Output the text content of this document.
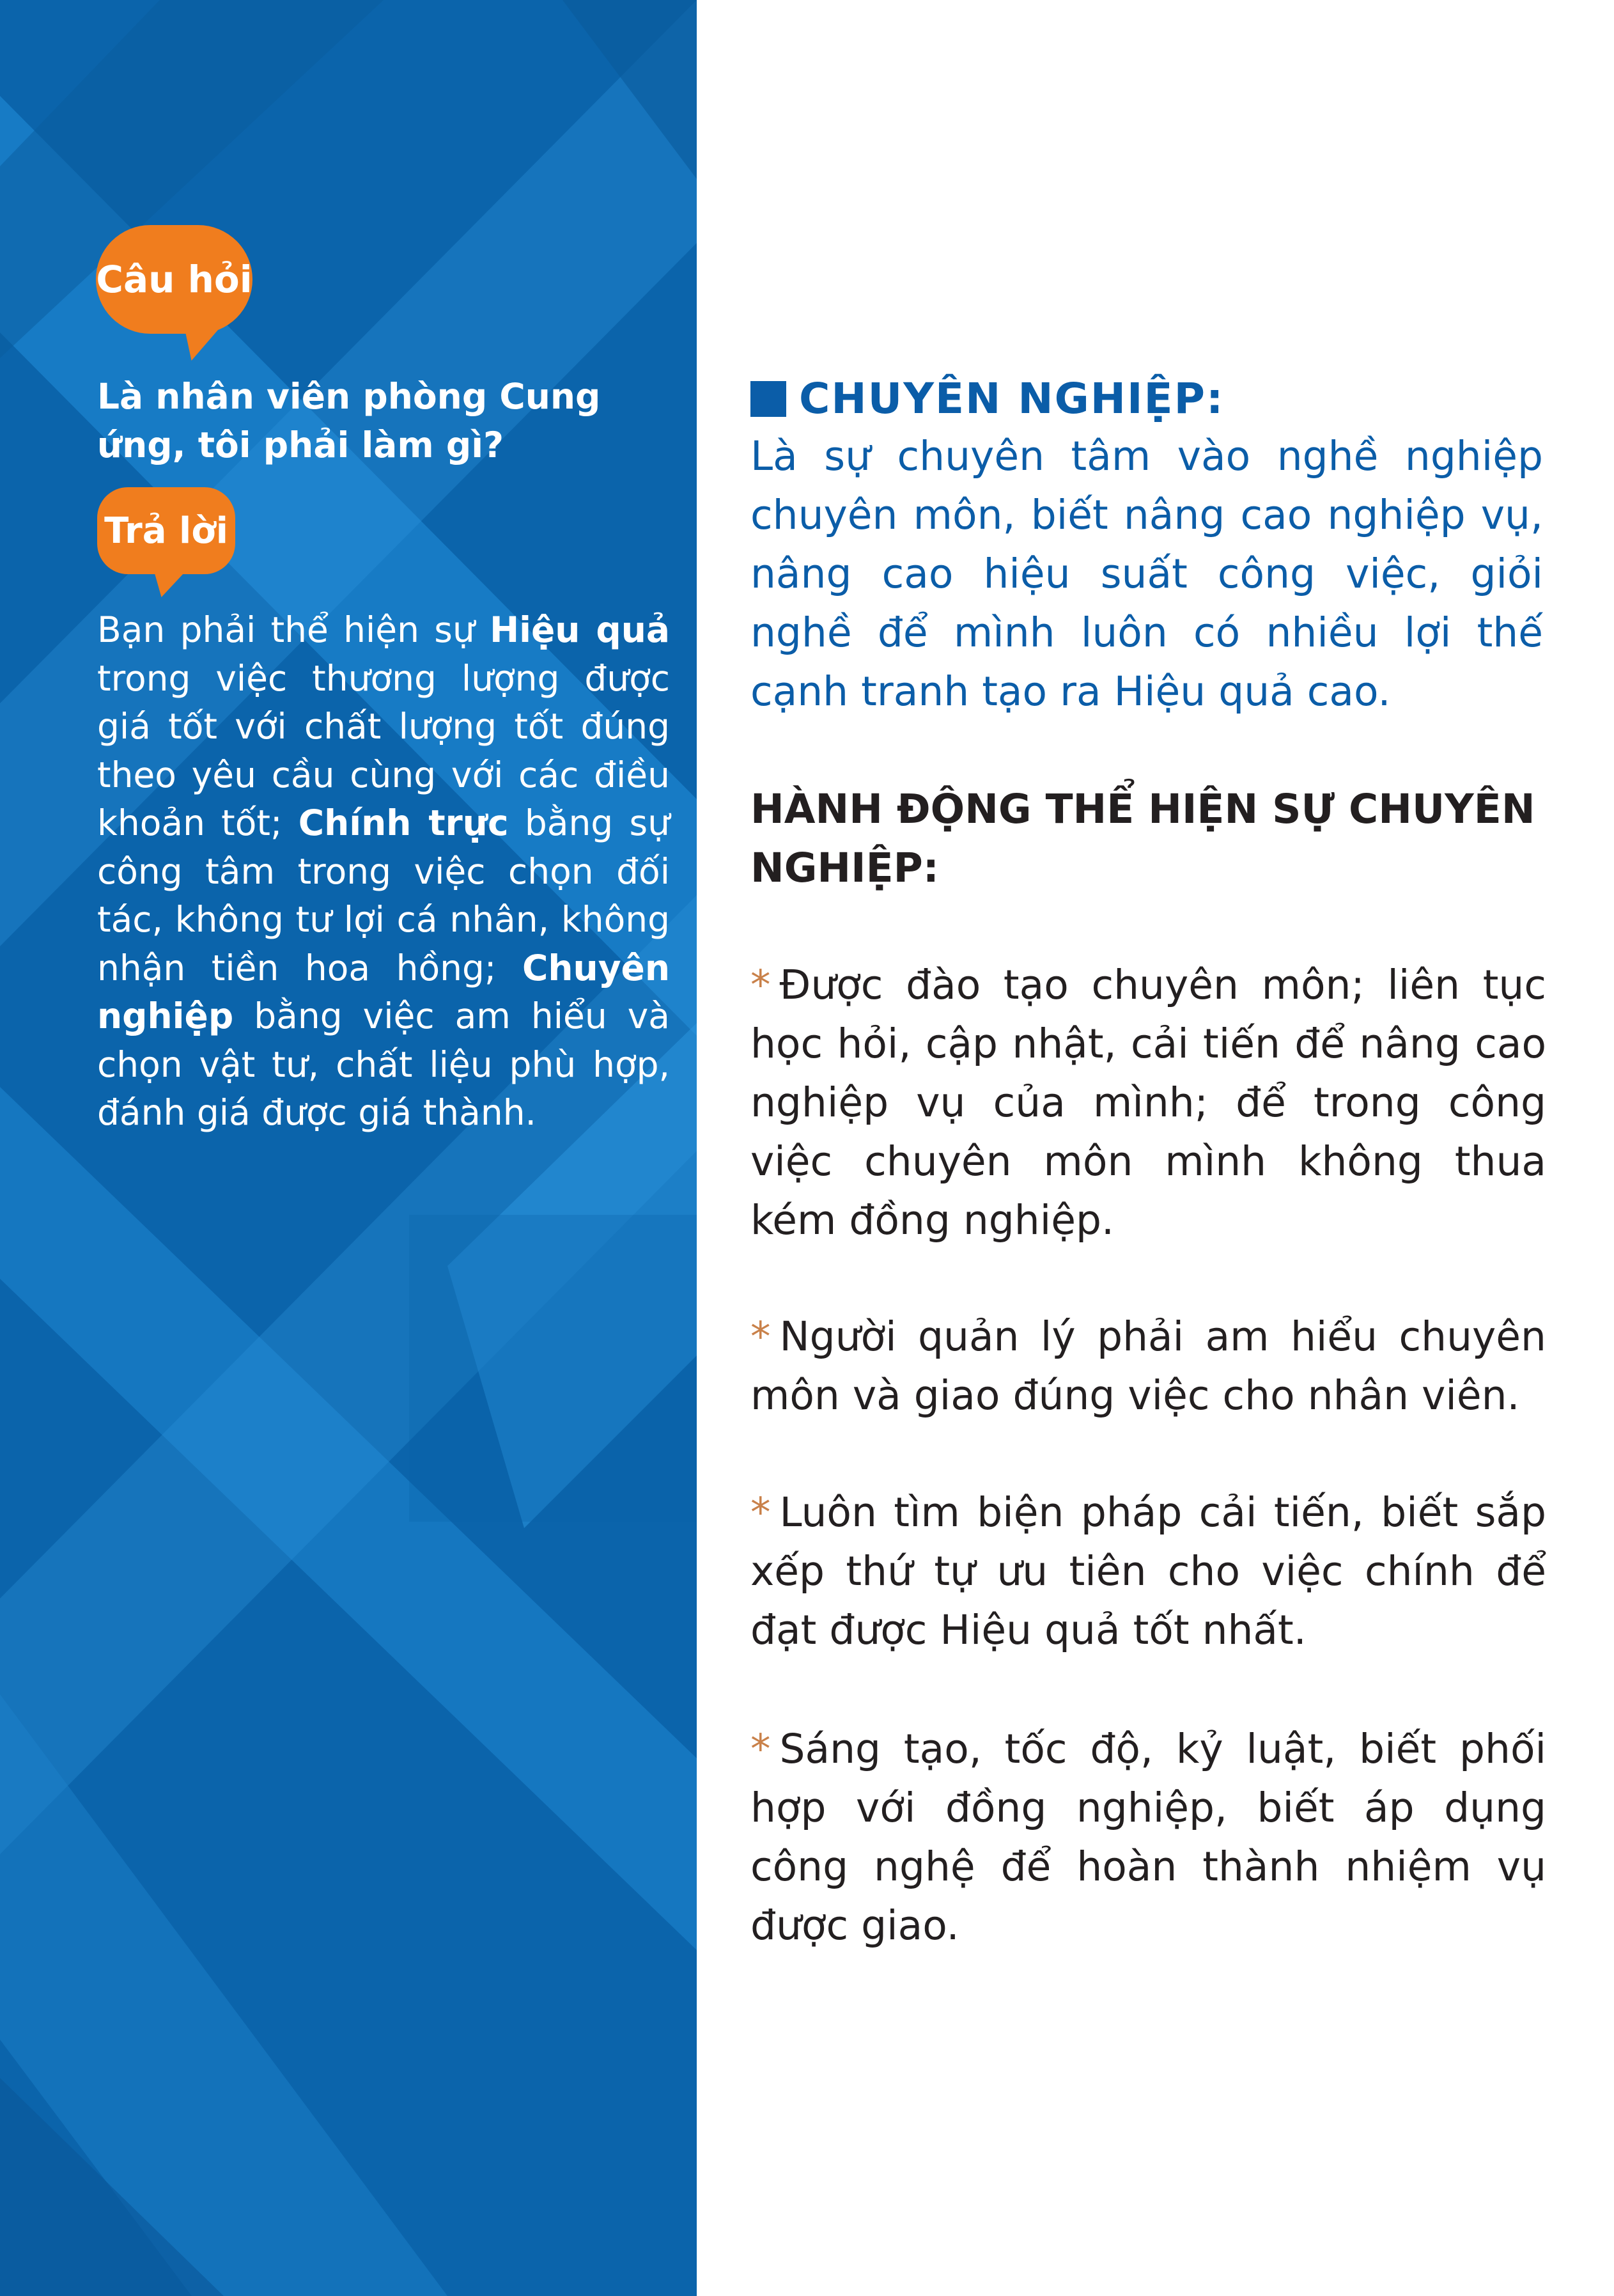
Câu hỏi
Là nhân viên phòng Cung ứng, tôi phải làm gì?
Trả lời
Bạn phải thể hiện sự Hiệu quả trong việc thương lượng được giá tốt với chất lượng tốt đúng theo yêu cầu cùng với các điều khoản tốt; Chính trực bằng sự công tâm trong việc chọn đối tác, không tư lợi cá nhân, không nhận tiền hoa hồng; Chuyên nghiệp bằng việc am hiểu và chọn vật tư, chất liệu phù hợp, đánh giá được giá thành.
CHUYÊN NGHIỆP:
Là sự chuyên tâm vào nghề nghiệp chuyên môn, biết nâng cao nghiệp vụ, nâng cao hiệu suất công việc, giỏi nghề để mình luôn có nhiều lợi thế cạnh tranh tạo ra Hiệu quả cao.
HÀNH ĐỘNG THỂ HIỆN SỰ CHUYÊN NGHIỆP:
* Được đào tạo chuyên môn; liên tục học hỏi, cập nhật, cải tiến để nâng cao nghiệp vụ của mình; để trong công việc chuyên môn mình không thua kém đồng nghiệp.
* Người quản lý phải am hiểu chuyên môn và giao đúng việc cho nhân viên.
* Luôn tìm biện pháp cải tiến, biết sắp xếp thứ tự ưu tiên cho việc chính để đạt được Hiệu quả tốt nhất.
* Sáng tạo, tốc độ, kỷ luật, biết phối hợp với đồng nghiệp, biết áp dụng công nghệ để hoàn thành nhiệm vụ được giao.
